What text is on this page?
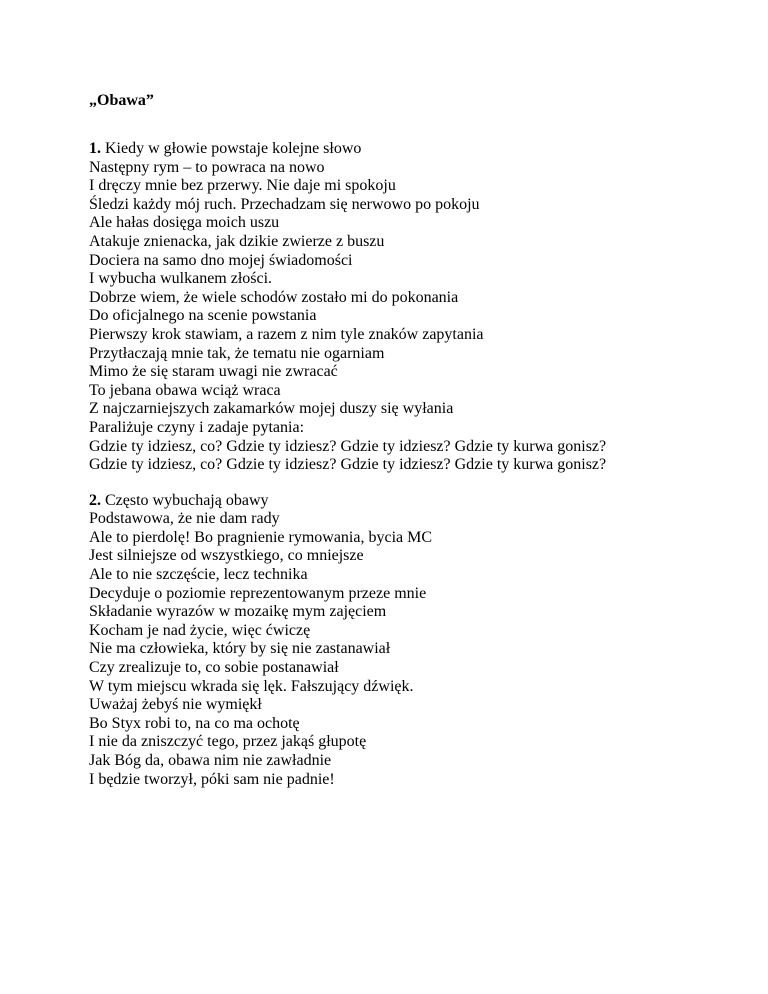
„Obawa”
1. Kiedy w głowie powstaje kolejne słowo
Następny rym – to powraca na nowo
I dręczy mnie bez przerwy. Nie daje mi spokoju
Śledzi każdy mój ruch. Przechadzam się nerwowo po pokoju
Ale hałas dosięga moich uszu
Atakuje znienacka, jak dzikie zwierze z buszu
Dociera na samo dno mojej świadomości
I wybucha wulkanem złości.
Dobrze wiem, że wiele schodów zostało mi do pokonania
Do oficjalnego na scenie powstania
Pierwszy krok stawiam, a razem z nim tyle znaków zapytania
Przytłaczają mnie tak, że tematu nie ogarniam
Mimo że się staram uwagi nie zwracać
To jebana obawa wciąż wraca
Z najczarniejszych zakamarków mojej duszy się wyłania
Paraliżuje czyny i zadaje pytania:
Gdzie ty idziesz, co? Gdzie ty idziesz? Gdzie ty idziesz? Gdzie ty kurwa gonisz?
Gdzie ty idziesz, co? Gdzie ty idziesz? Gdzie ty idziesz? Gdzie ty kurwa gonisz?
2. Często wybuchają obawy
Podstawowa, że nie dam rady
Ale to pierdolę! Bo pragnienie rymowania, bycia MC
Jest silniejsze od wszystkiego, co mniejsze
Ale to nie szczęście, lecz technika
Decyduje o poziomie reprezentowanym przeze mnie
Składanie wyrazów w mozaikę mym zajęciem
Kocham je nad życie, więc ćwiczę
Nie ma człowieka, który by się nie zastanawiał
Czy zrealizuje to, co sobie postanawiał
W tym miejscu wkrada się lęk. Fałszujący dźwięk.
Uważaj żebyś nie wymiękł
Bo Styx robi to, na co ma ochotę
I nie da zniszczyć tego, przez jakąś głupotę
Jak Bóg da, obawa nim nie zawładnie
I będzie tworzył, póki sam nie padnie!
